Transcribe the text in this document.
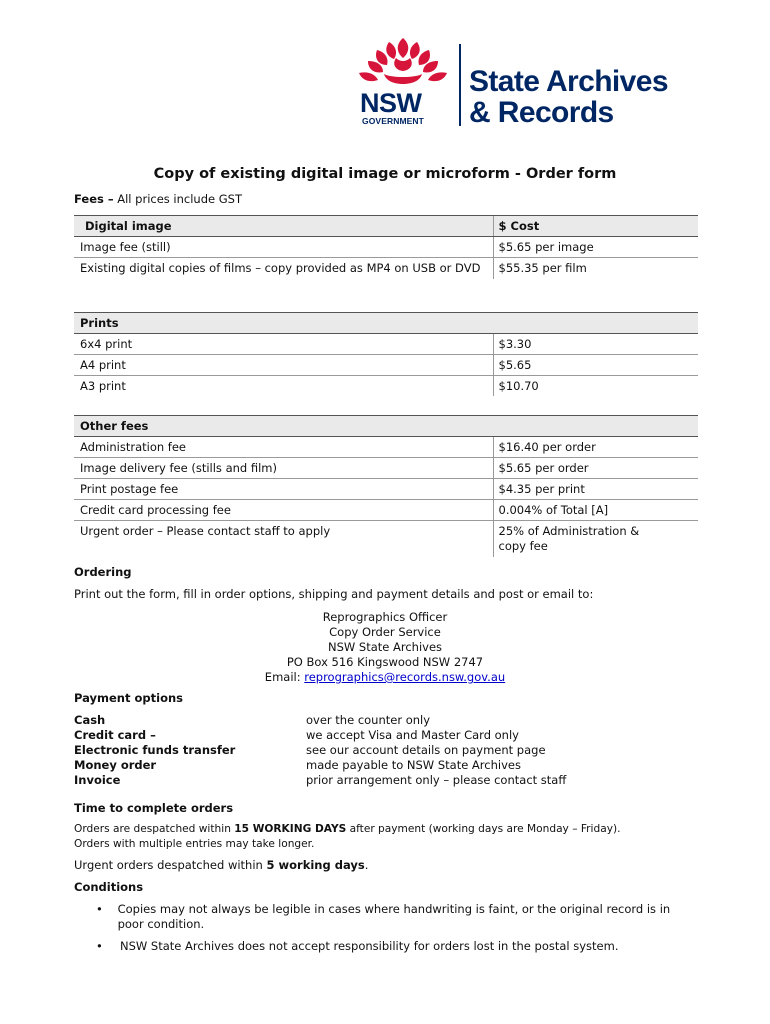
NSW
GOVERNMENT
State Archives
& Records
Copy of existing digital image or microform - Order form
Fees – All prices include GST
Digital image	$ Cost
Image fee (still)	$5.65 per image
Existing digital copies of films – copy provided as MP4 on USB or DVD	$55.35 per film
Prints	
6x4 print	$3.30
A4 print	$5.65
A3 print	$10.70
Other fees	
Administration fee	$16.40 per order
Image delivery fee (stills and film)	$5.65 per order
Print postage fee	$4.35 per print
Credit card processing fee	0.004% of Total [A]
Urgent order – Please contact staff to apply	25% of Administration & copy fee
Ordering
Print out the form, fill in order options, shipping and payment details and post or email to:
Reprographics Officer
Copy Order Service
NSW State Archives
PO Box 516 Kingswood NSW 2747
Email: reprographics@records.nsw.gov.au
Payment options
Cash	over the counter only
Credit card –	we accept Visa and Master Card only
Electronic funds transfer	see our account details on payment page
Money order	made payable to NSW State Archives
Invoice	prior arrangement only – please contact staff
Time to complete orders
Orders are despatched within 15 WORKING DAYS after payment (working days are Monday – Friday).
Orders with multiple entries may take longer.
Urgent orders despatched within 5 working days.
Conditions
•	Copies may not always be legible in cases where handwriting is faint, or the original record is in poor condition.
•	NSW State Archives does not accept responsibility for orders lost in the postal system.
